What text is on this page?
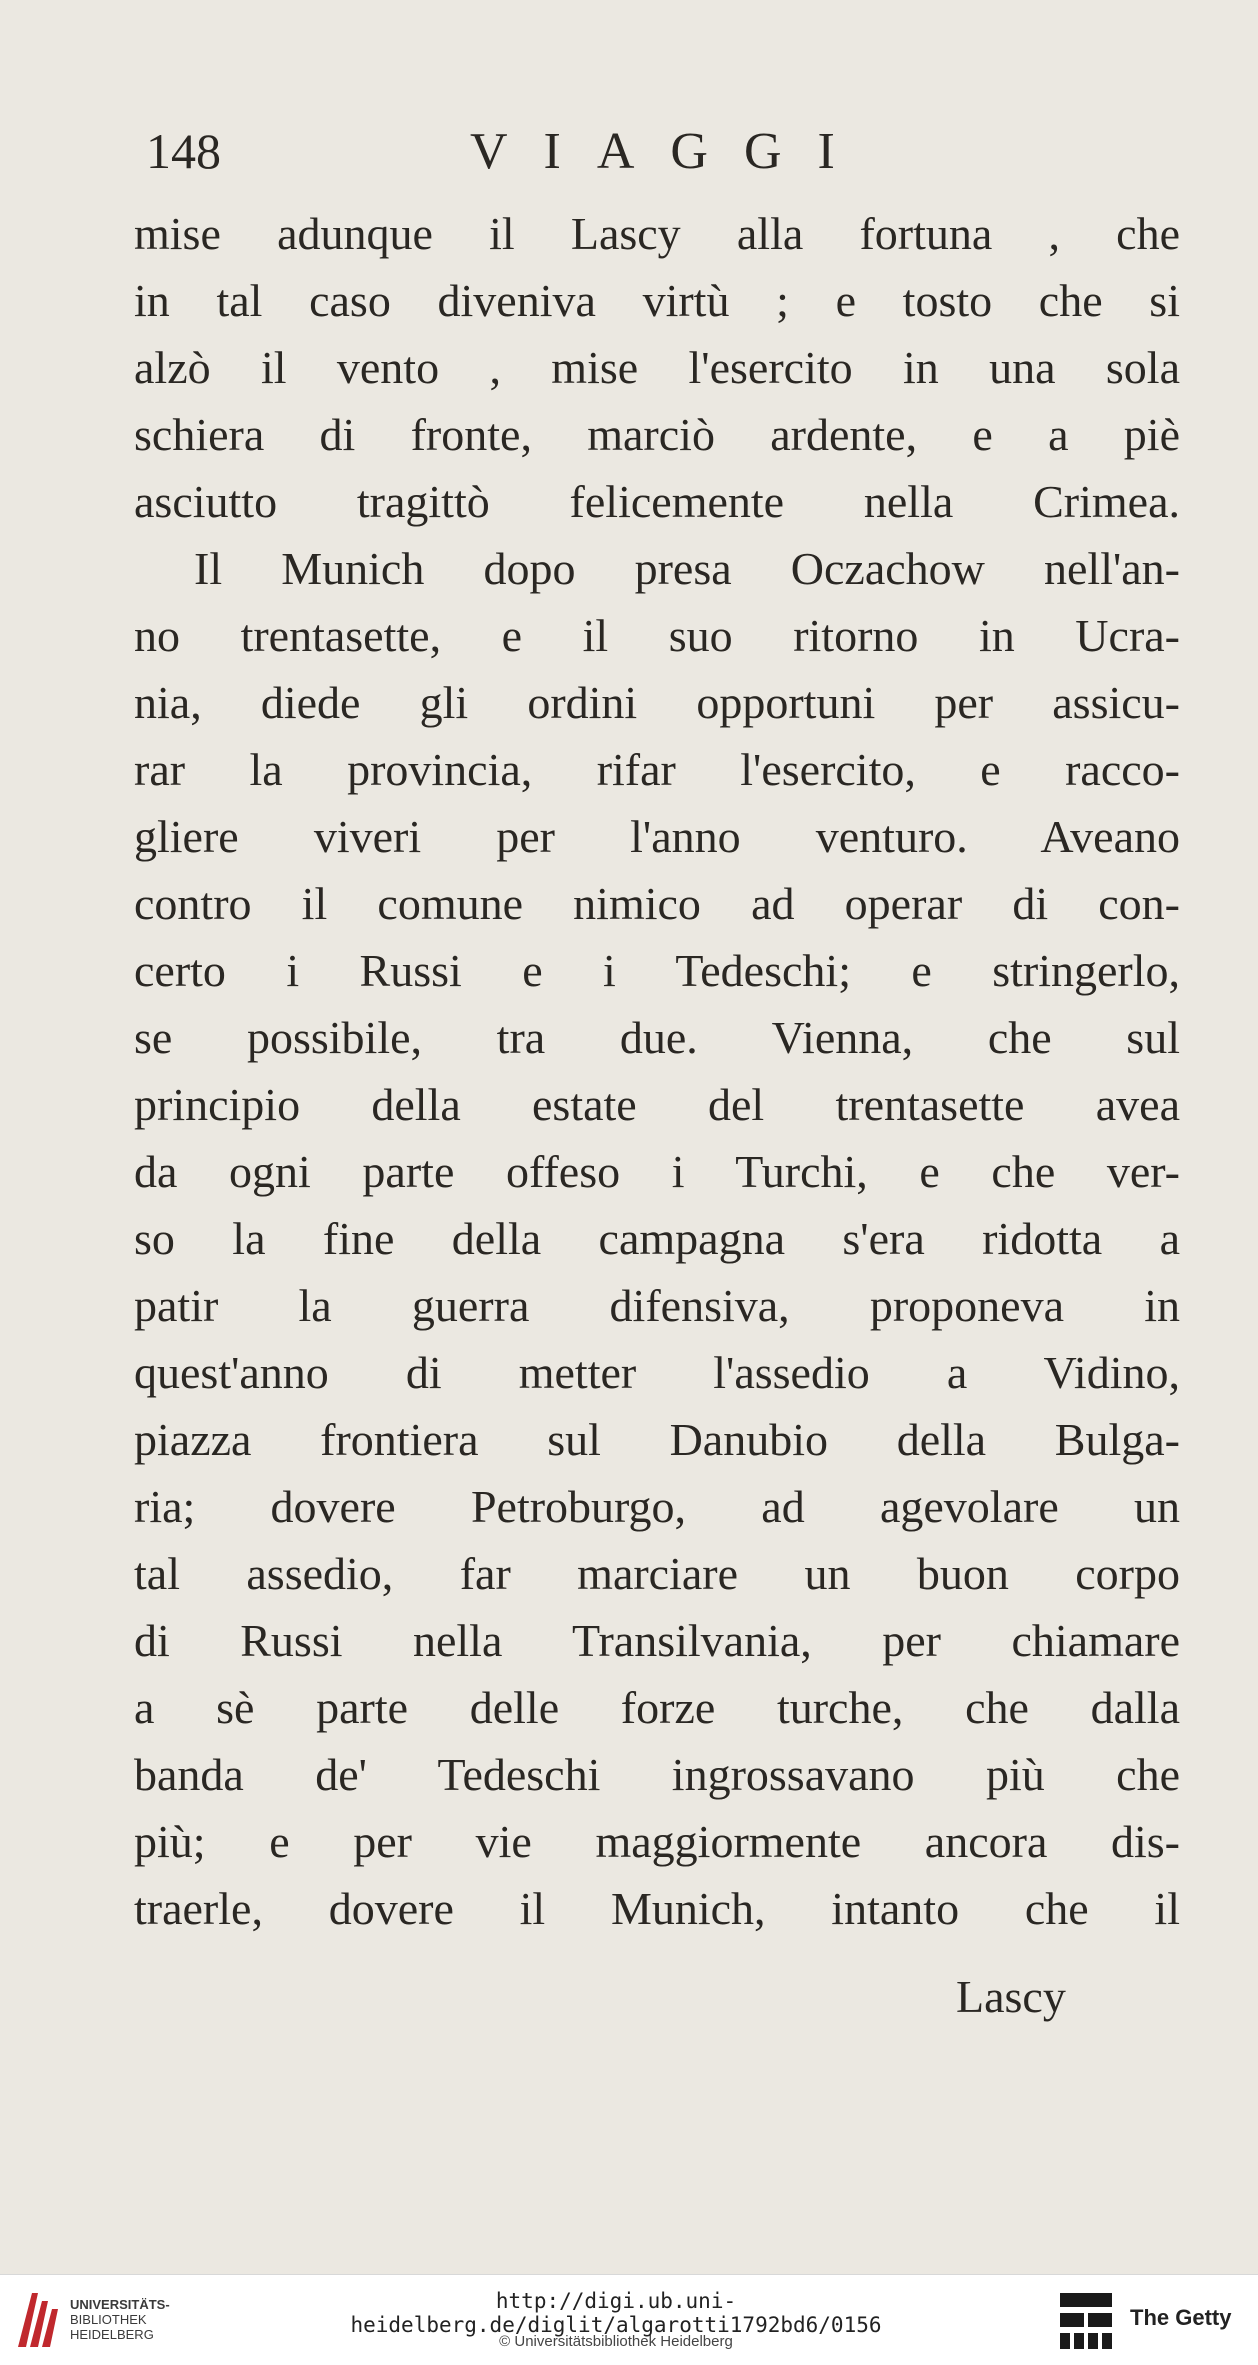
148	VIAGGI
mise adunque il Lascy alla fortuna , che
in tal caso diveniva virtù ; e tosto che si
alzò il vento , mise l'esercito in una sola
schiera di fronte, marciò ardente, e a piè
asciutto tragittò felicemente nella Crimea.
Il Munich dopo presa Oczachow nell'an-
no trentasette, e il suo ritorno in Ucra-
nia, diede gli ordini opportuni per assicu-
rar la provincia, rifar l'esercito, e racco-
gliere viveri per l'anno venturo. Aveano
contro il comune nimico ad operar di con-
certo i Russi e i Tedeschi; e stringerlo,
se possibile, tra due. Vienna, che sul
principio della estate del trentasette avea
da ogni parte offeso i Turchi, e che ver-
so la fine della campagna s'era ridotta a
patir la guerra difensiva, proponeva in
quest'anno di metter l'assedio a Vidino,
piazza frontiera sul Danubio della Bulga-
ria; dovere Petroburgo, ad agevolare un
tal assedio, far marciare un buon corpo
di Russi nella Transilvania, per chiamare
a sè parte delle forze turche, che dalla
banda de' Tedeschi ingrossavano più che
più; e per vie maggiormente ancora dis-
traerle, dovere il Munich, intanto che il
Lascy
UNIVERSITÄTS-
BIBLIOTHEK
HEIDELBERG
http://digi.ub.uni-heidelberg.de/diglit/algarotti1792bd6/0156
© Universitätsbibliothek Heidelberg
The Getty
